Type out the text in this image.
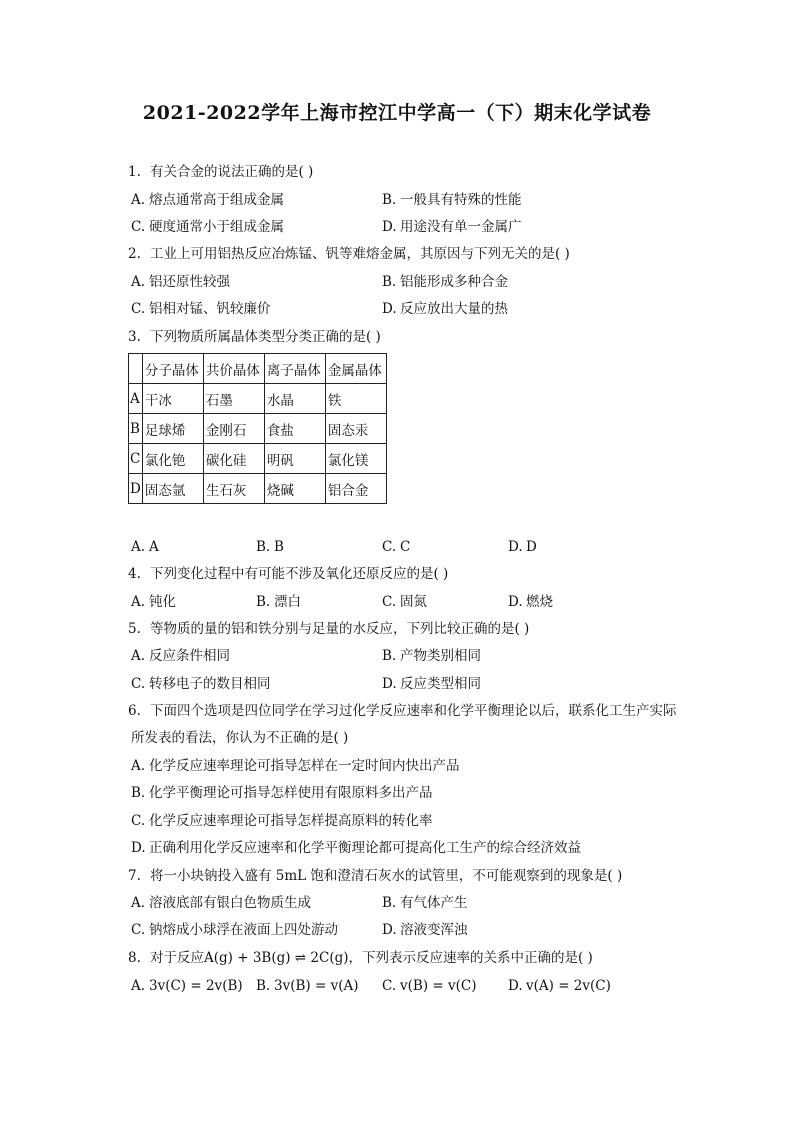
2021-2022学年上海市控江中学高一（下）期末化学试卷
1. 有关合金的说法正确的是( )
A. 熔点通常高于组成金属	B. 一般具有特殊的性能
C. 硬度通常小于组成金属	D. 用途没有单一金属广
2. 工业上可用铝热反应冶炼锰、钒等难熔金属，其原因与下列无关的是( )
A. 铝还原性较强	B. 铝能形成多种合金
C. 铝相对锰、钒较廉价	D. 反应放出大量的热
3. 下列物质所属晶体类型分类正确的是( )
	分子晶体	共价晶体	离子晶体	金属晶体
A	干冰	石墨	水晶	铁
B	足球烯	金刚石	食盐	固态汞
C	氯化铯	碳化硅	明矾	氯化镁
D	固态氩	生石灰	烧碱	铝合金
A. A	B. B	C. C	D. D
4. 下列变化过程中有可能不涉及氧化还原反应的是( )
A. 钝化	B. 漂白	C. 固氮	D. 燃烧
5. 等物质的量的铝和铁分别与足量的水反应，下列比较正确的是( )
A. 反应条件相同	B. 产物类别相同
C. 转移电子的数目相同	D. 反应类型相同
6. 下面四个选项是四位同学在学习过化学反应速率和化学平衡理论以后，联系化工生产实际
所发表的看法，你认为不正确的是( )
A. 化学反应速率理论可指导怎样在一定时间内快出产品
B. 化学平衡理论可指导怎样使用有限原料多出产品
C. 化学反应速率理论可指导怎样提高原料的转化率
D. 正确利用化学反应速率和化学平衡理论都可提高化工生产的综合经济效益
7. 将一小块钠投入盛有 5mL 饱和澄清石灰水的试管里，不可能观察到的现象是( )
A. 溶液底部有银白色物质生成	B. 有气体产生
C. 钠熔成小球浮在液面上四处游动	D. 溶液变浑浊
8. 对于反应A(g) + 3B(g) ⇌ 2C(g)，下列表示反应速率的关系中正确的是( )
A. 3v(C) = 2v(B) B. 3v(B) = v(A) C. v(B) = v(C) D. v(A) = 2v(C)
